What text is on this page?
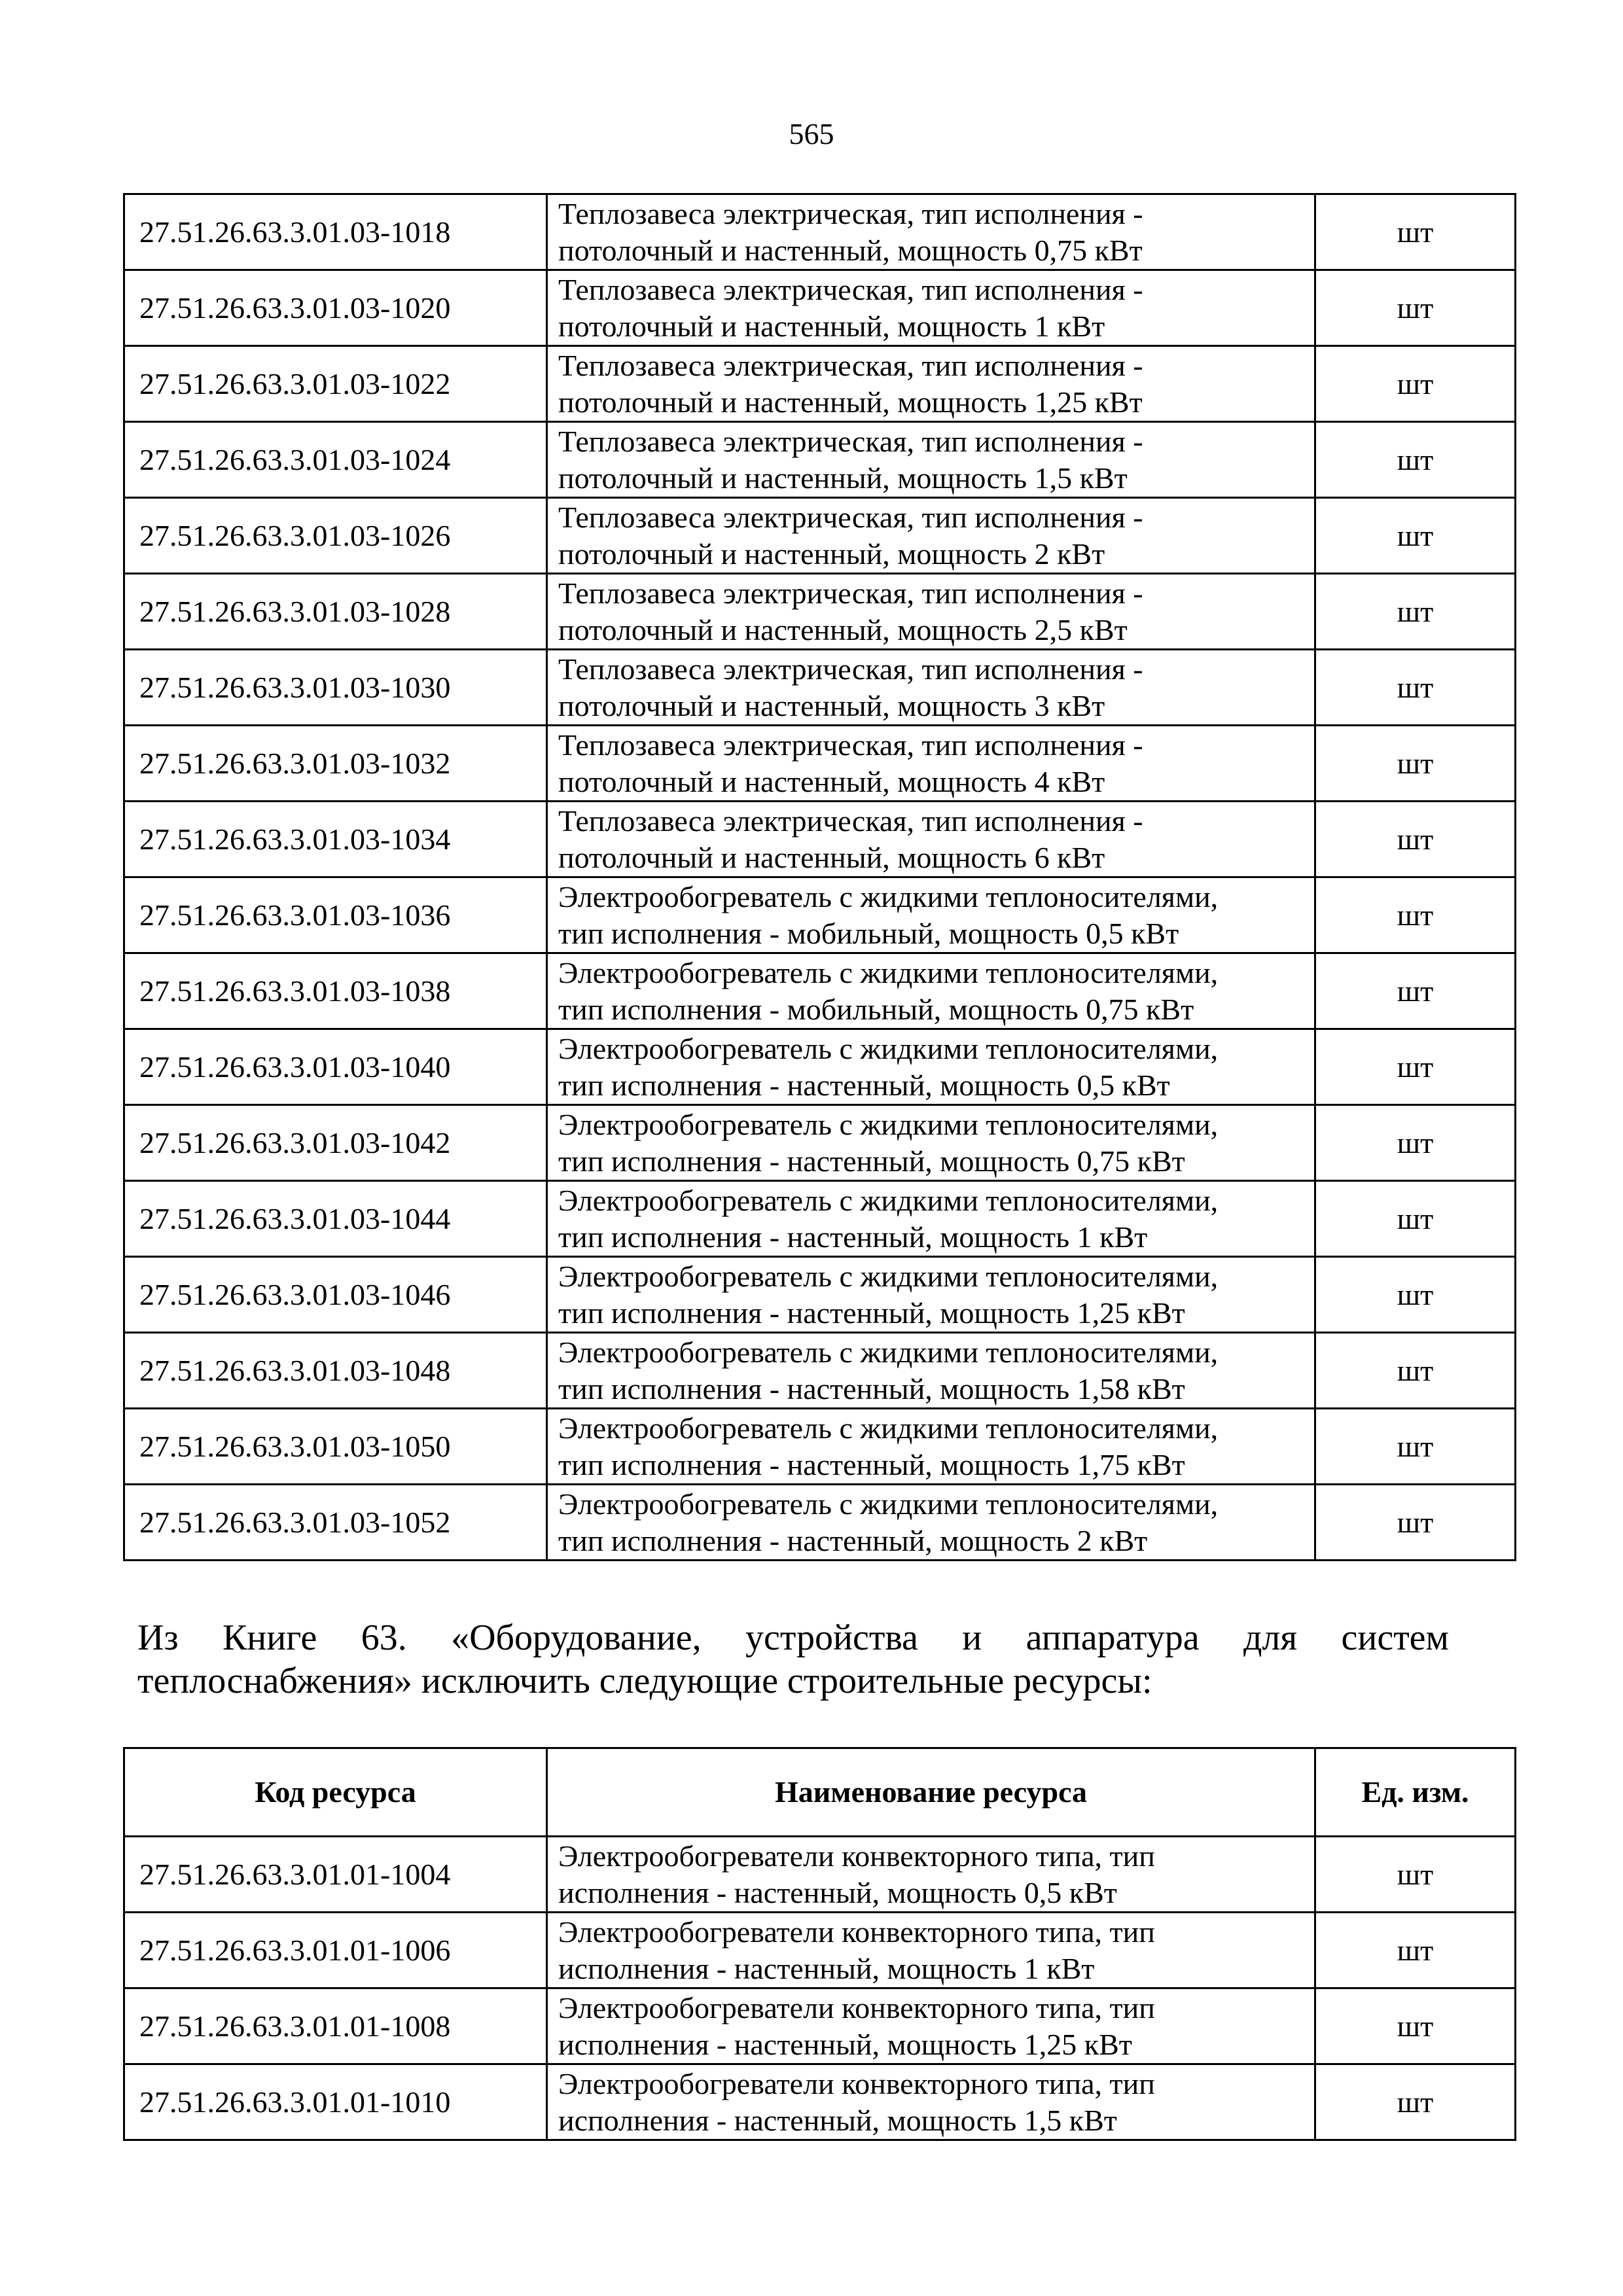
565
27.51.26.63.3.01.03-1018	Теплозавеса электрическая, тип исполнения -
потолочный и настенный, мощность 0,75 кВт	шт
27.51.26.63.3.01.03-1020	Теплозавеса электрическая, тип исполнения -
потолочный и настенный, мощность 1 кВт	шт
27.51.26.63.3.01.03-1022	Теплозавеса электрическая, тип исполнения -
потолочный и настенный, мощность 1,25 кВт	шт
27.51.26.63.3.01.03-1024	Теплозавеса электрическая, тип исполнения -
потолочный и настенный, мощность 1,5 кВт	шт
27.51.26.63.3.01.03-1026	Теплозавеса электрическая, тип исполнения -
потолочный и настенный, мощность 2 кВт	шт
27.51.26.63.3.01.03-1028	Теплозавеса электрическая, тип исполнения -
потолочный и настенный, мощность 2,5 кВт	шт
27.51.26.63.3.01.03-1030	Теплозавеса электрическая, тип исполнения -
потолочный и настенный, мощность 3 кВт	шт
27.51.26.63.3.01.03-1032	Теплозавеса электрическая, тип исполнения -
потолочный и настенный, мощность 4 кВт	шт
27.51.26.63.3.01.03-1034	Теплозавеса электрическая, тип исполнения -
потолочный и настенный, мощность 6 кВт	шт
27.51.26.63.3.01.03-1036	Электрообогреватель с жидкими теплоносителями,
тип исполнения - мобильный, мощность 0,5 кВт	шт
27.51.26.63.3.01.03-1038	Электрообогреватель с жидкими теплоносителями,
тип исполнения - мобильный, мощность 0,75 кВт	шт
27.51.26.63.3.01.03-1040	Электрообогреватель с жидкими теплоносителями,
тип исполнения - настенный, мощность 0,5 кВт	шт
27.51.26.63.3.01.03-1042	Электрообогреватель с жидкими теплоносителями,
тип исполнения - настенный, мощность 0,75 кВт	шт
27.51.26.63.3.01.03-1044	Электрообогреватель с жидкими теплоносителями,
тип исполнения - настенный, мощность 1 кВт	шт
27.51.26.63.3.01.03-1046	Электрообогреватель с жидкими теплоносителями,
тип исполнения - настенный, мощность 1,25 кВт	шт
27.51.26.63.3.01.03-1048	Электрообогреватель с жидкими теплоносителями,
тип исполнения - настенный, мощность 1,58 кВт	шт
27.51.26.63.3.01.03-1050	Электрообогреватель с жидкими теплоносителями,
тип исполнения - настенный, мощность 1,75 кВт	шт
27.51.26.63.3.01.03-1052	Электрообогреватель с жидкими теплоносителями,
тип исполнения - настенный, мощность 2 кВт	шт
Из Книге 63. «Оборудование, устройства и аппаратура для систем
теплоснабжения» исключить следующие строительные ресурсы:
Код ресурса	Наименование ресурса	Ед. изм.
27.51.26.63.3.01.01-1004	Электрообогреватели конвекторного типа, тип
исполнения - настенный, мощность 0,5 кВт	шт
27.51.26.63.3.01.01-1006	Электрообогреватели конвекторного типа, тип
исполнения - настенный, мощность 1 кВт	шт
27.51.26.63.3.01.01-1008	Электрообогреватели конвекторного типа, тип
исполнения - настенный, мощность 1,25 кВт	шт
27.51.26.63.3.01.01-1010	Электрообогреватели конвекторного типа, тип
исполнения - настенный, мощность 1,5 кВт	шт
